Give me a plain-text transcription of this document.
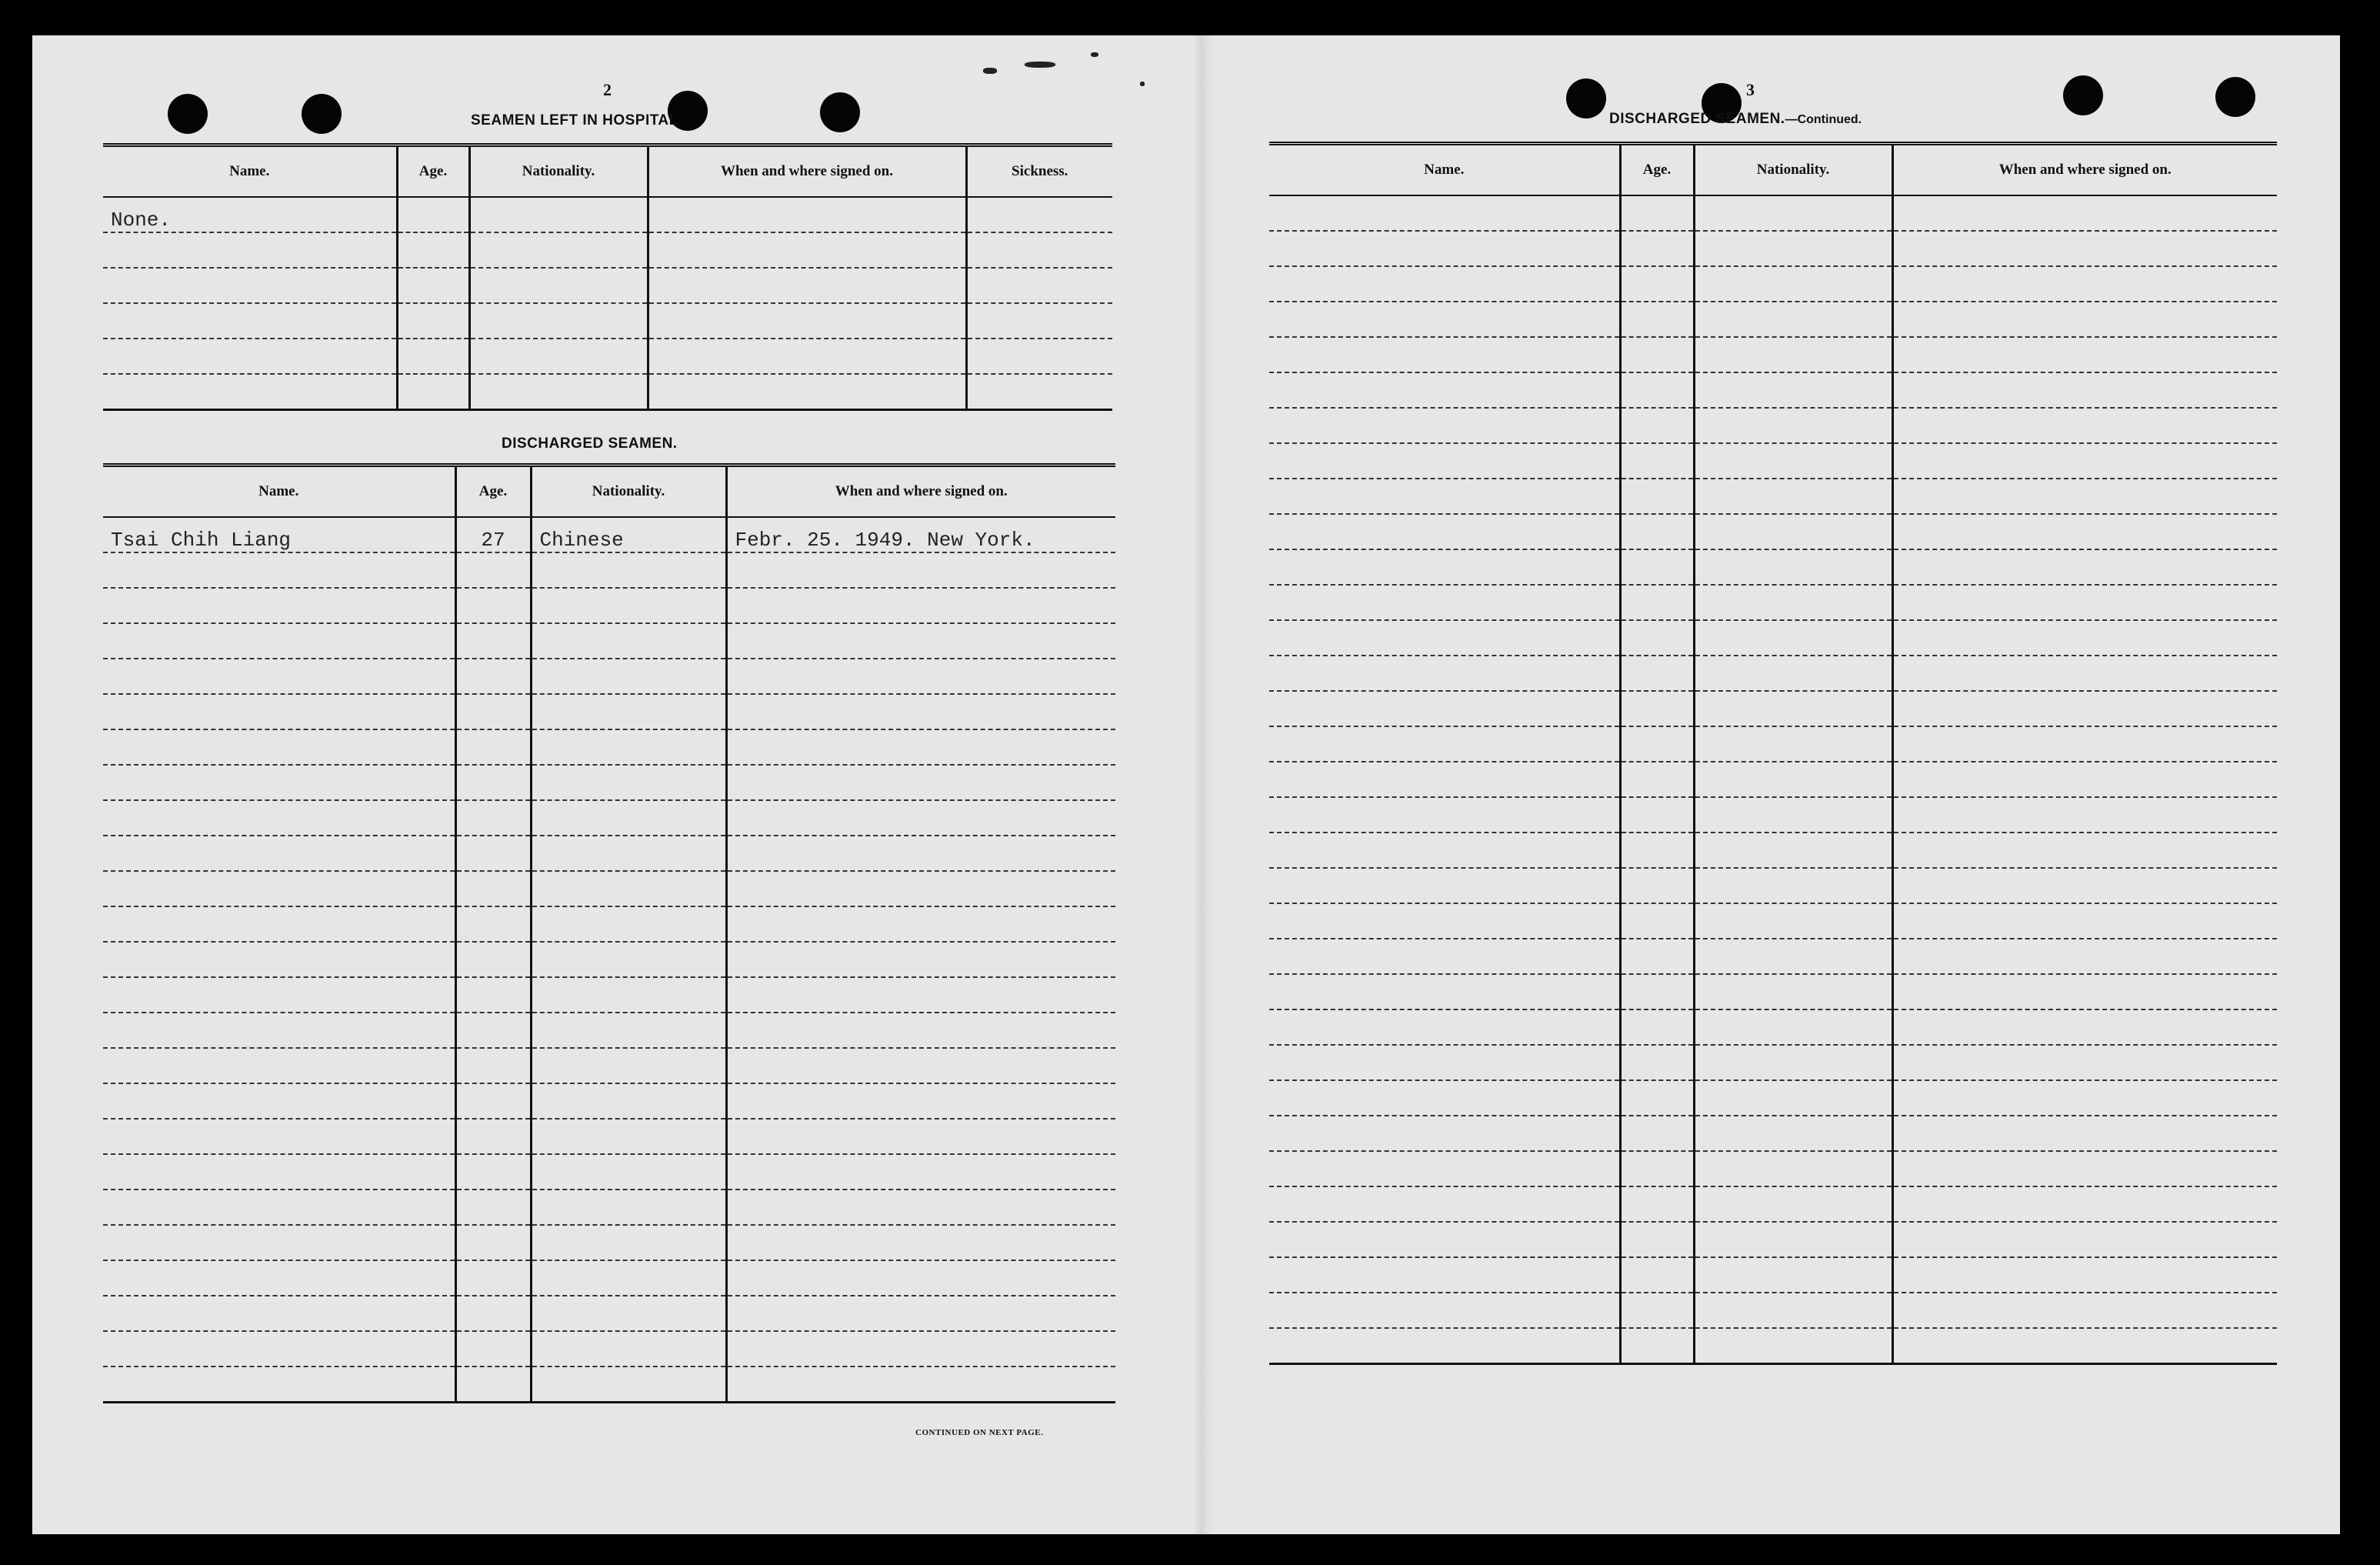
2
SEAMEN LEFT IN HOSPITAL.
Name.	Age.	Nationality.	When and where signed on.	Sickness.
None.				

DISCHARGED SEAMEN.
Name.	Age.	Nationality.	When and where signed on.
Tsai Chih Liang	27	Chinese	Febr. 25. 1949. New York.

CONTINUED ON NEXT PAGE.
3
DISCHARGED SEAMEN.—Continued.
Name.	Age.	Nationality.	When and where signed on.
